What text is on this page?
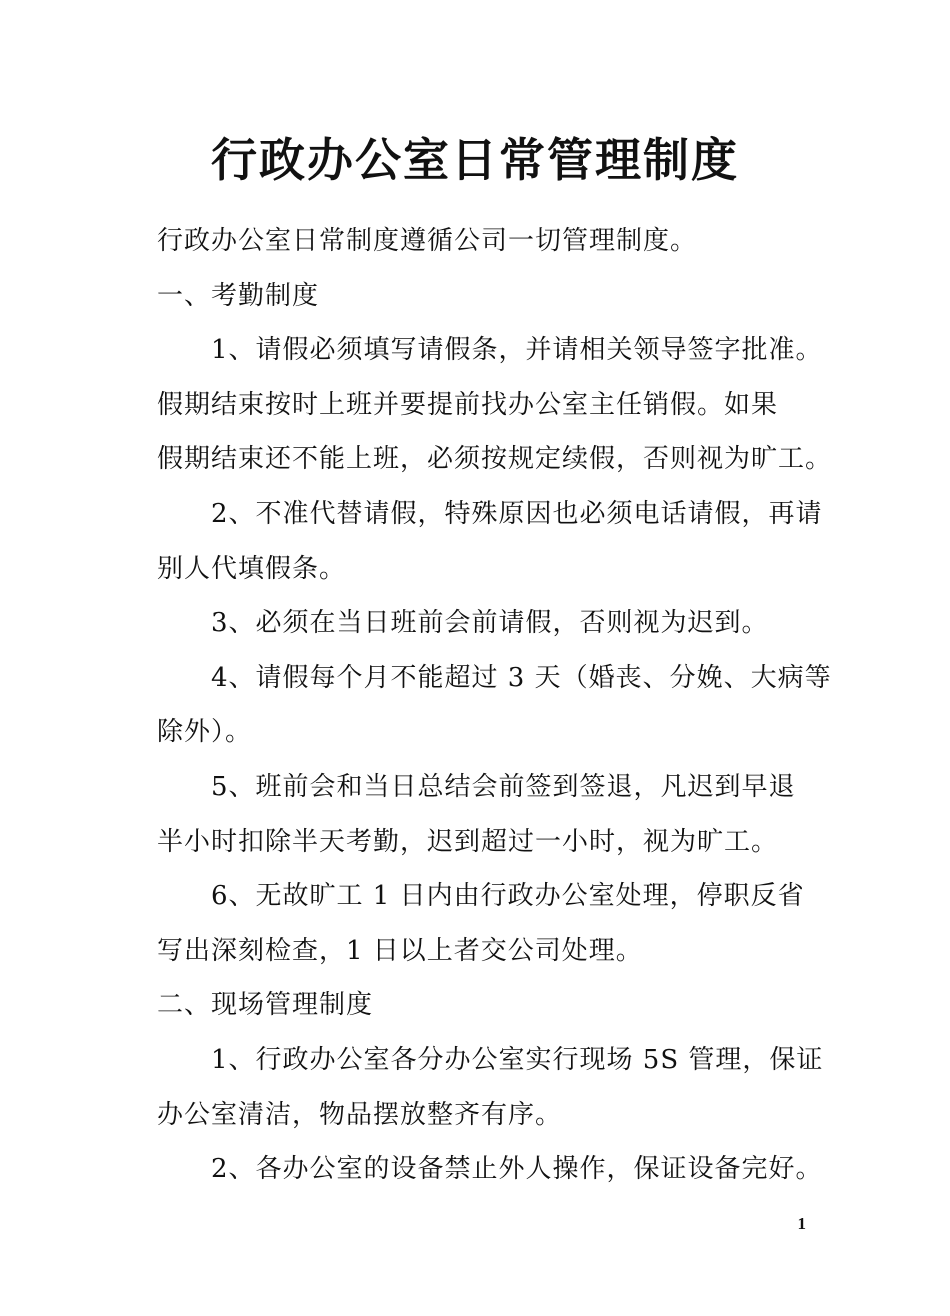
行政办公室日常管理制度

行政办公室日常制度遵循公司一切管理制度。

一、考勤制度

1、请假必须填写请假条，并请相关领导签字批准。

假期结束按时上班并要提前找办公室主任销假。如果

假期结束还不能上班，必须按规定续假，否则视为旷工。

2、不准代替请假，特殊原因也必须电话请假，再请

别人代填假条。

3、必须在当日班前会前请假，否则视为迟到。

4、请假每个月不能超过 3 天（婚丧、分娩、大病等

除外）。

5、班前会和当日总结会前签到签退，凡迟到早退

半小时扣除半天考勤，迟到超过一小时，视为旷工。

6、无故旷工 1 日内由行政办公室处理，停职反省

写出深刻检查，1 日以上者交公司处理。

二、现场管理制度

1、行政办公室各分办公室实行现场 5S 管理，保证

办公室清洁，物品摆放整齐有序。

2、各办公室的设备禁止外人操作，保证设备完好。

1
